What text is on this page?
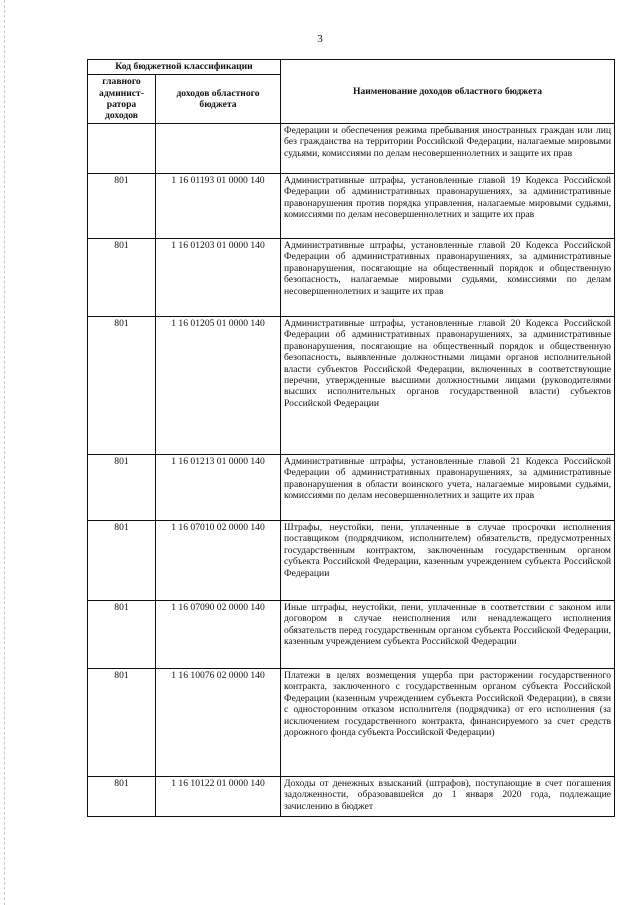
3
Код бюджетной классификации		Наименование доходов областного бюджета
главного админист-ратора доходов	доходов областного бюджета	
		Федерации и обеспечения режима пребывания иностранных граждан или лиц без гражданства на территории Российской Федерации, налагаемые мировыми судьями, комиссиями по делам несовершеннолетних и защите их прав
801	1 16 01193 01 0000 140	Административные штрафы, установленные главой 19 Кодекса Российской Федерации об административных правонарушениях, за административные правонарушения против порядка управления, налагаемые мировыми судьями, комиссиями по делам несовершеннолетних и защите их прав
801	1 16 01203 01 0000 140	Административные штрафы, установленные главой 20 Кодекса Российской Федерации об административных правонарушениях, за административные правонарушения, посягающие на общественный порядок и общественную безопасность, налагаемые мировыми судьями, комиссиями по делам несовершеннолетних и защите их прав
801	1 16 01205 01 0000 140	Административные штрафы, установленные главой 20 Кодекса Российской Федерации об административных правонарушениях, за административные правонарушения, посягающие на общественный порядок и общественную безопасность, выявленные должностными лицами органов исполнительной власти субъектов Российской Федерации, включенных в соответствующие перечни, утвержденные высшими должностными лицами (руководителями высших исполнительных органов государственной власти) субъектов Российской Федерации
801	1 16 01213 01 0000 140	Административные штрафы, установленные главой 21 Кодекса Российской Федерации об административных правонарушениях, за административные правонарушения в области воинского учета, налагаемые мировыми судьями, комиссиями по делам несовершеннолетних и защите их прав
801	1 16 07010 02 0000 140	Штрафы, неустойки, пени, уплаченные в случае просрочки исполнения поставщиком (подрядчиком, исполнителем) обязательств, предусмотренных государственным контрактом, заключенным государственным органом субъекта Российской Федерации, казенным учреждением субъекта Российской Федерации
801	1 16 07090 02 0000 140	Иные штрафы, неустойки, пени, уплаченные в соответствии с законом или договором в случае неисполнения или ненадлежащего исполнения обязательств перед государственным органом субъекта Российской Федерации, казенным учреждением субъекта Российской Федерации
801	1 16 10076 02 0000 140	Платежи в целях возмещения ущерба при расторжении государственного контракта, заключенного с государственным органом субъекта Российской Федерации (казенным учреждением субъекта Российской Федерации), в связи с односторонним отказом исполнителя (подрядчика) от его исполнения (за исключением государственного контракта, финансируемого за счет средств дорожного фонда субъекта Российской Федерации)
801	1 16 10122 01 0000 140	Доходы от денежных взысканий (штрафов), поступающие в счет погашения задолженности, образовавшейся до 1 января 2020 года, подлежащие зачислению в бюджет
